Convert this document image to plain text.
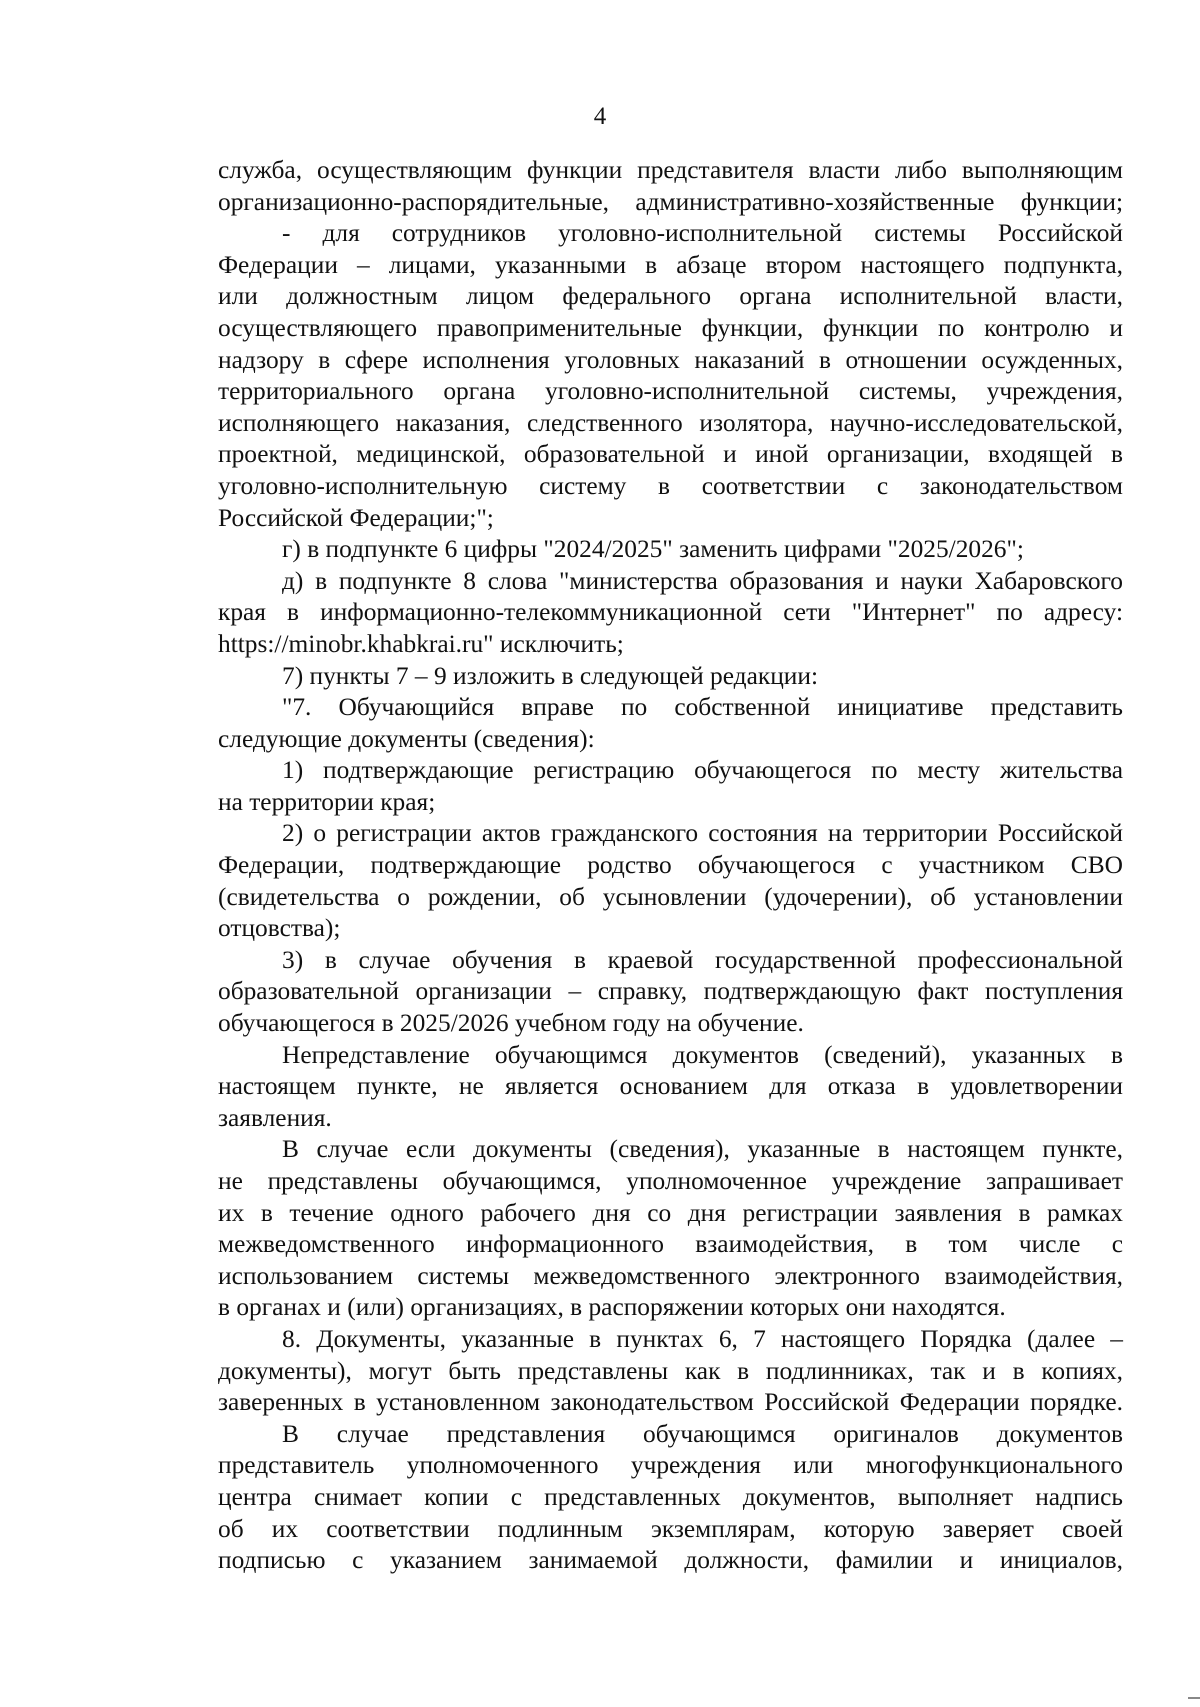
4
служба, осуществляющим функции представителя власти либо выполняющим
организационно-распорядительные, административно-хозяйственные функции;
- для сотрудников уголовно-исполнительной системы Российской
Федерации – лицами, указанными в абзаце втором настоящего подпункта,
или должностным лицом федерального органа исполнительной власти,
осуществляющего правоприменительные функции, функции по контролю и
надзору в сфере исполнения уголовных наказаний в отношении осужденных,
территориального органа уголовно-исполнительной системы, учреждения,
исполняющего наказания, следственного изолятора, научно-исследовательской,
проектной, медицинской, образовательной и иной организации, входящей в
уголовно-исполнительную систему в соответствии с законодательством
Российской Федерации;";
г) в подпункте 6 цифры "2024/2025" заменить цифрами "2025/2026";
д) в подпункте 8 слова "министерства образования и науки Хабаровского
края в информационно-телекоммуникационной сети "Интернет" по адресу:
https://minobr.khabkrai.ru" исключить;
7) пункты 7 – 9 изложить в следующей редакции:
"7. Обучающийся вправе по собственной инициативе представить
следующие документы (сведения):
1) подтверждающие регистрацию обучающегося по месту жительства
на территории края;
2) о регистрации актов гражданского состояния на территории Российской
Федерации, подтверждающие родство обучающегося с участником СВО
(свидетельства о рождении, об усыновлении (удочерении), об установлении
отцовства);
3) в случае обучения в краевой государственной профессиональной
образовательной организации – справку, подтверждающую факт поступления
обучающегося в 2025/2026 учебном году на обучение.
Непредставление обучающимся документов (сведений), указанных в
настоящем пункте, не является основанием для отказа в удовлетворении
заявления.
В случае если документы (сведения), указанные в настоящем пункте,
не представлены обучающимся, уполномоченное учреждение запрашивает
их в течение одного рабочего дня со дня регистрации заявления в рамках
межведомственного информационного взаимодействия, в том числе с
использованием системы межведомственного электронного взаимодействия,
в органах и (или) организациях, в распоряжении которых они находятся.
8. Документы, указанные в пунктах 6, 7 настоящего Порядка (далее –
документы), могут быть представлены как в подлинниках, так и в копиях,
заверенных в установленном законодательством Российской Федерации порядке.
В случае представления обучающимся оригиналов документов
представитель уполномоченного учреждения или многофункционального
центра снимает копии с представленных документов, выполняет надпись
об их соответствии подлинным экземплярам, которую заверяет своей
подписью с указанием занимаемой должности, фамилии и инициалов,
